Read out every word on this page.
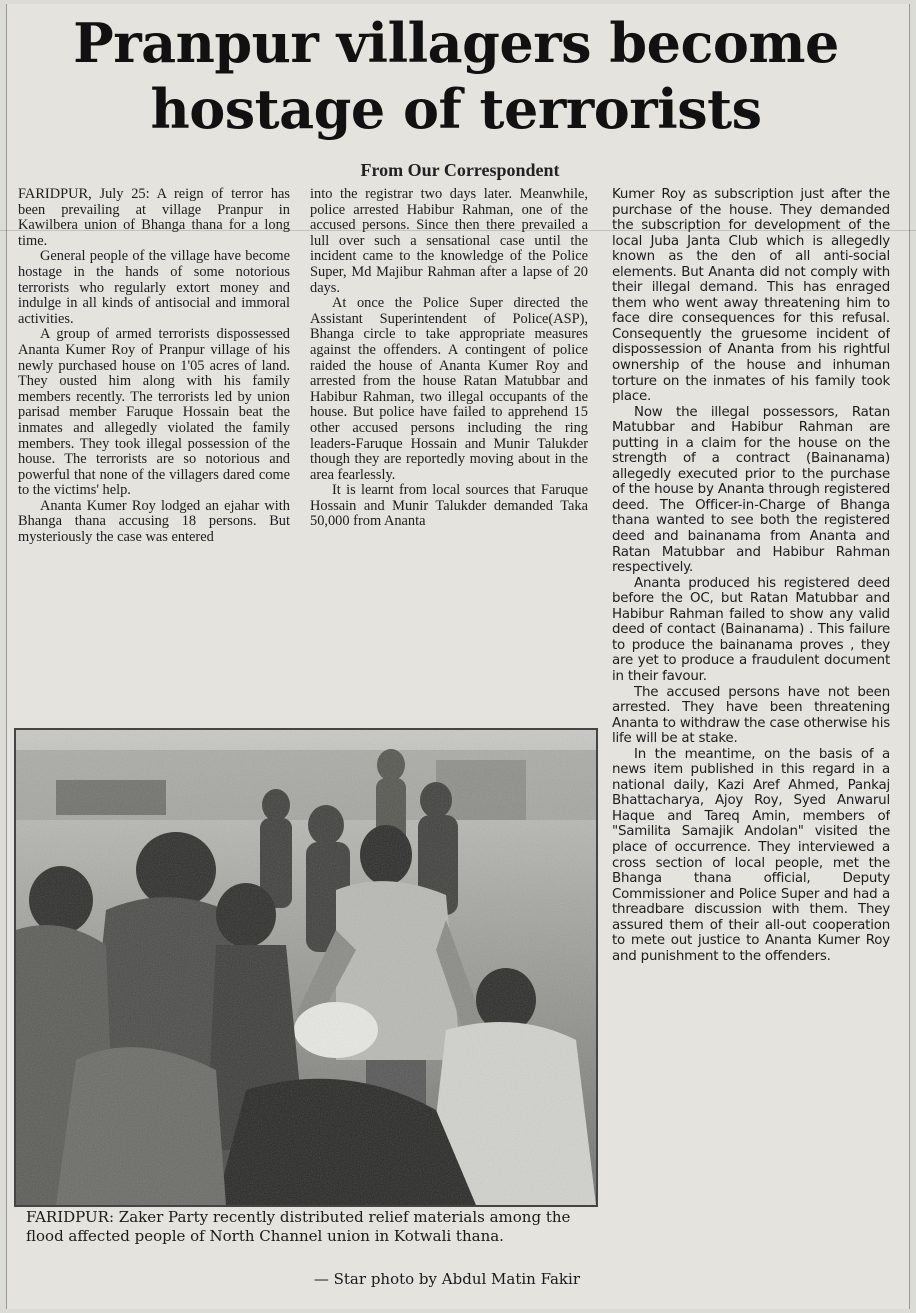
Pranpur villagers become
hostage of terrorists

From Our Correspondent

FARIDPUR, July 25: A reign of terror has been prevailing at village Pranpur in Kawilbera union of Bhanga thana for a long time.

General people of the village have become hostage in the hands of some notorious terrorists who regularly extort money and indulge in all kinds of antisocial and immoral activities.

A group of armed terrorists dispossessed Ananta Kumer Roy of Pranpur village of his newly purchased house on 1'05 acres of land. They ousted him along with his family members recently. The terrorists led by union parisad member Faruque Hossain beat the inmates and allegedly violated the family members. They took illegal possession of the house. The terrorists are so notorious and powerful that none of the villagers dared come to the victims' help.

Ananta Kumer Roy lodged an ejahar with Bhanga thana accusing 18 persons. But mysteriously the case was entered

into the registrar two days later. Meanwhile, police arrested Habibur Rahman, one of the accused persons. Since then there prevailed a lull over such a sensational case until the incident came to the knowledge of the Police Super, Md Majibur Rahman after a lapse of 20 days.

At once the Police Super directed the Assistant Superintendent of Police(ASP), Bhanga circle to take appropriate measures against the offenders. A contingent of police raided the house of Ananta Kumer Roy and arrested from the house Ratan Matubbar and Habibur Rahman, two illegal occupants of the house. But police have failed to apprehend 15 other accused persons including the ring leaders-Faruque Hossain and Munir Talukder though they are reportedly moving about in the area fearlessly.

It is learnt from local sources that Faruque Hossain and Munir Talukder demanded Taka 50,000 from Ananta

Kumer Roy as subscription just after the purchase of the house. They demanded the subscription for development of the local Juba Janta Club which is allegedly known as the den of all anti-social elements. But Ananta did not comply with their illegal demand. This has enraged them who went away threatening him to face dire consequences for this refusal. Consequently the gruesome incident of dispossession of Ananta from his rightful ownership of the house and inhuman torture on the inmates of his family took place.

Now the illegal possessors, Ratan Matubbar and Habibur Rahman are putting in a claim for the house on the strength of a contract (Bainanama) allegedly executed prior to the purchase of the house by Ananta through registered deed. The Officer-in-Charge of Bhanga thana wanted to see both the registered deed and bainanama from Ananta and Ratan Matubbar and Habibur Rahman respectively.

Ananta produced his registered deed before the OC, but Ratan Matubbar and Habibur Rahman failed to show any valid deed of contact (Bainanama) . This failure to produce the bainanama proves , they are yet to produce a fraudulent document in their favour.

The accused persons have not been arrested. They have been threatening Ananta to withdraw the case otherwise his life will be at stake.

In the meantime, on the basis of a news item published in this regard in a national daily, Kazi Aref Ahmed, Pankaj Bhattacharya, Ajoy Roy, Syed Anwarul Haque and Tareq Amin, members of "Samilita Samajik Andolan" visited the place of occurrence. They interviewed a cross section of local people, met the Bhanga thana official, Deputy Commissioner and Police Super and had a threadbare discussion with them. They assured them of their all-out cooperation to mete out justice to Ananta Kumer Roy and punishment to the offenders.

FARIDPUR: Zaker Party recently distributed relief materials among the flood affected people of North Channel union in Kotwali thana.

— Star photo by Abdul Matin Fakir
